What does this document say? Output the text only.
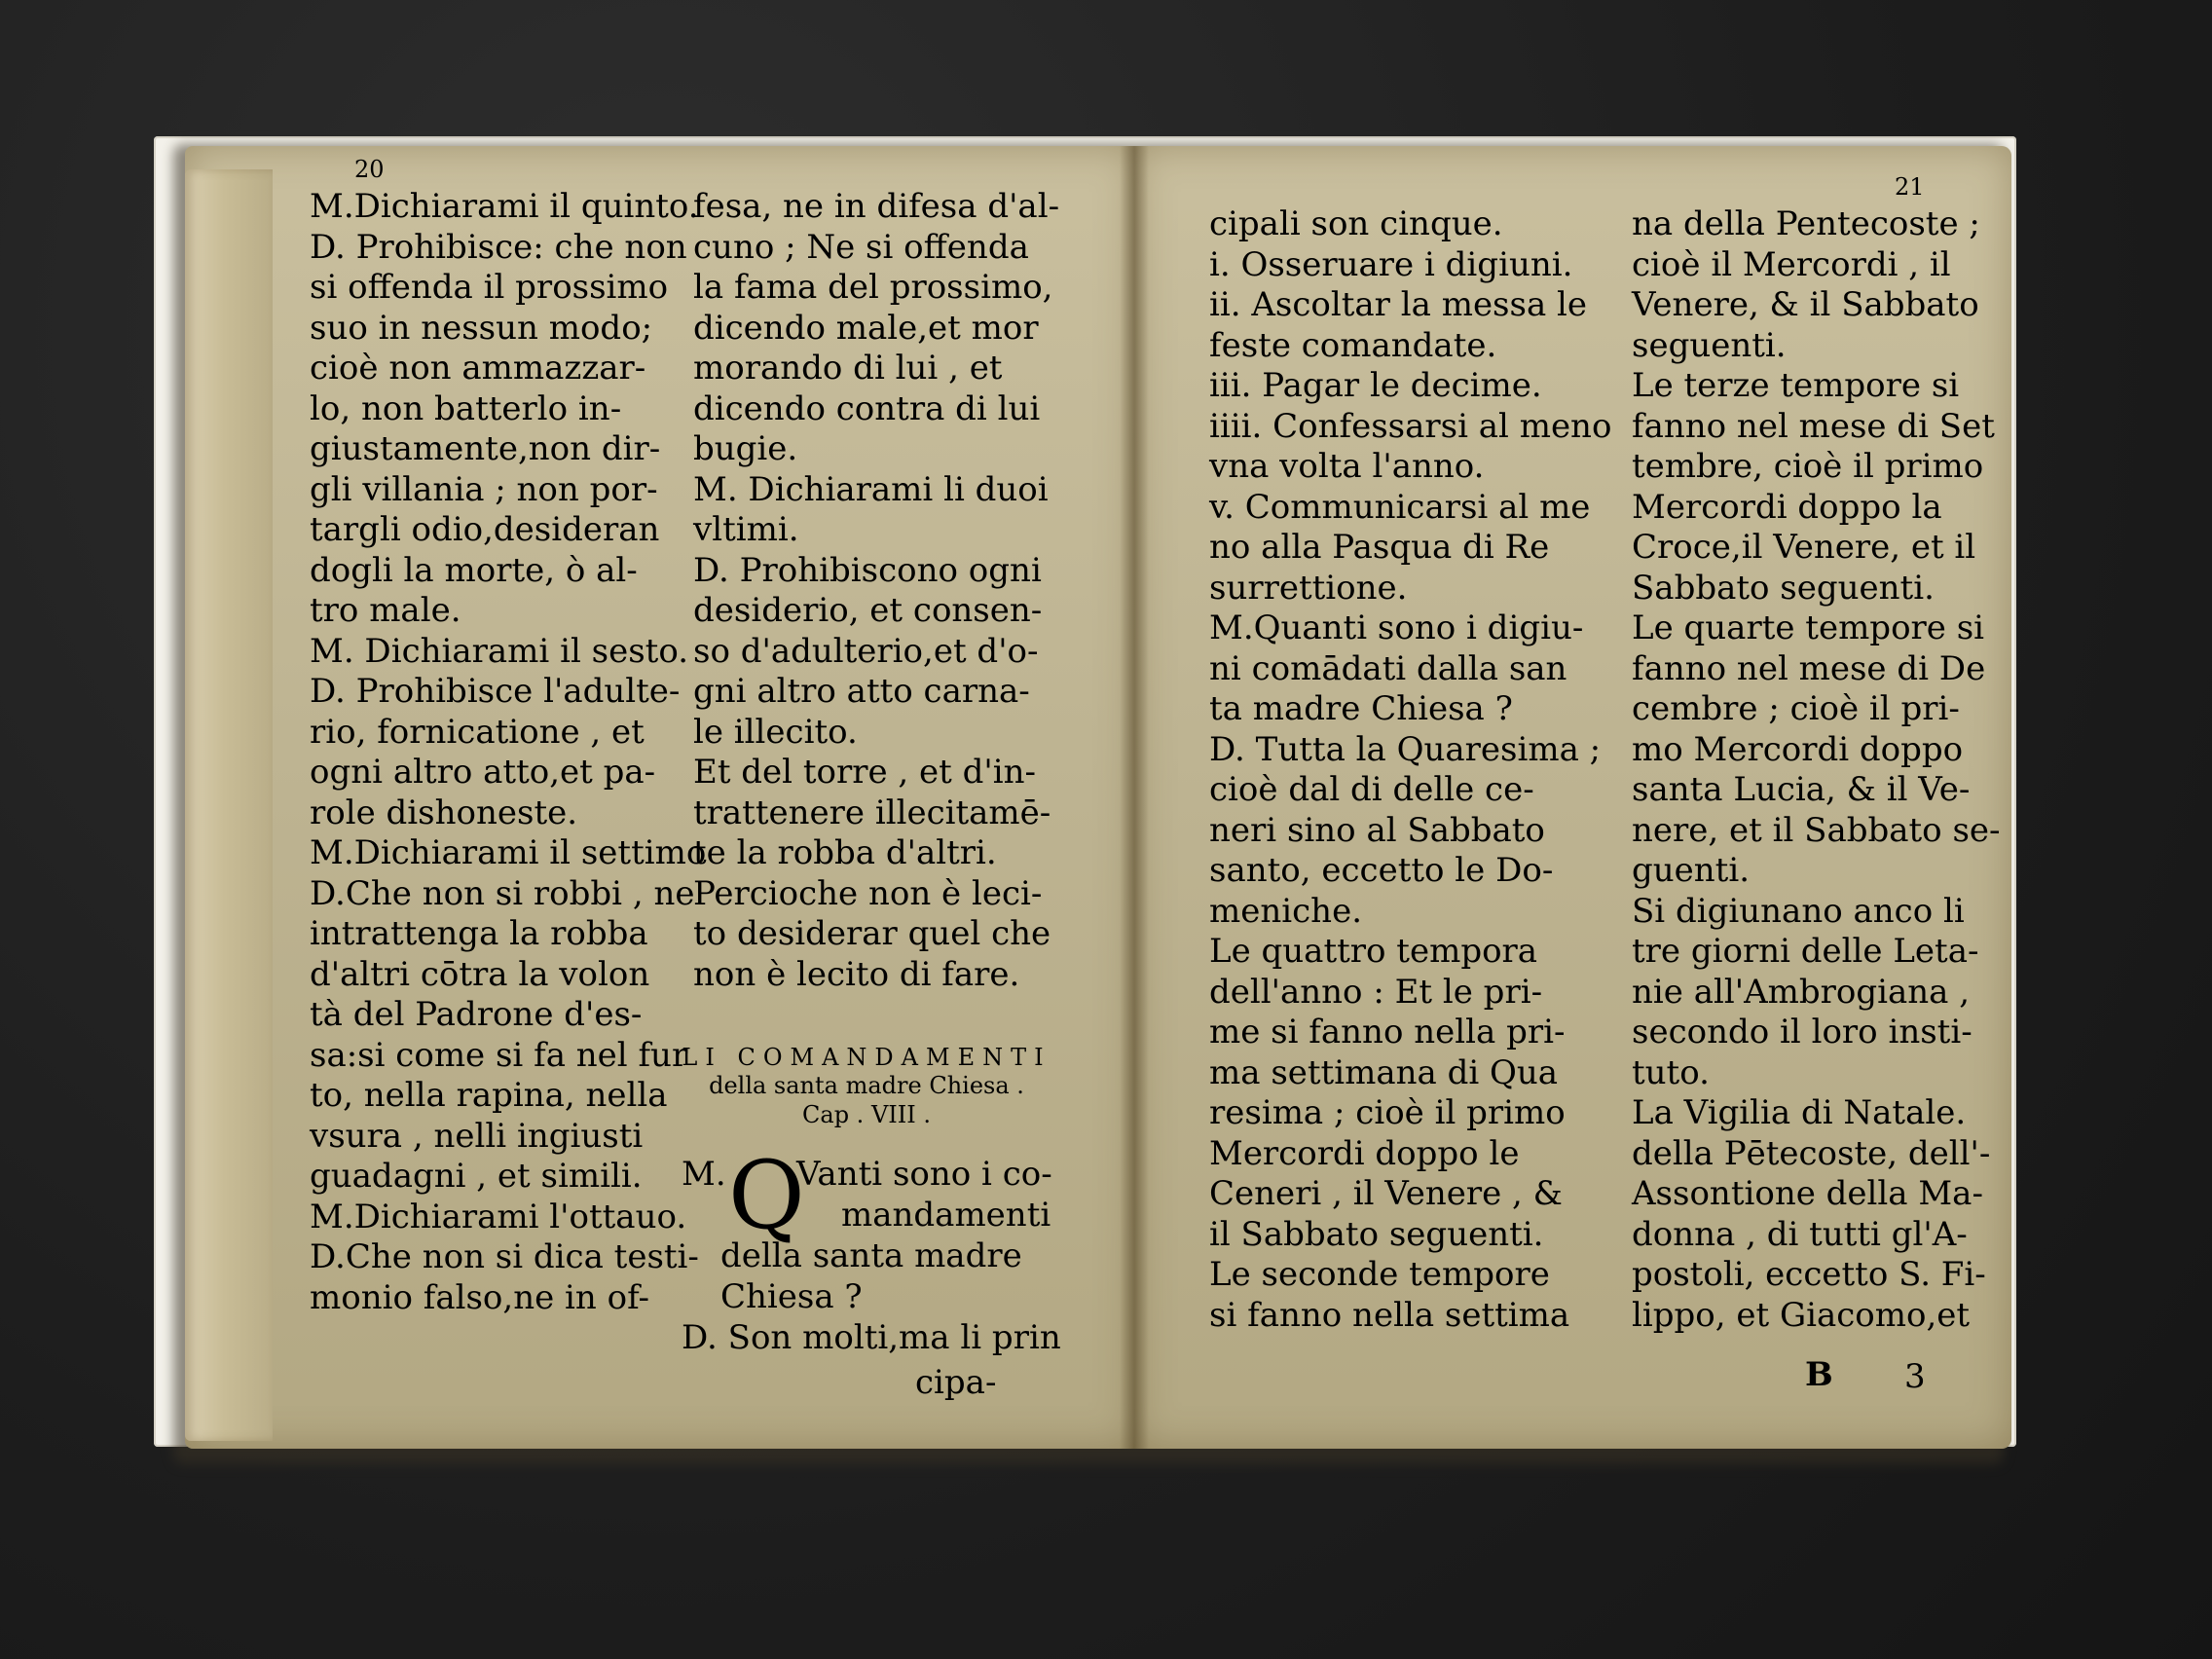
20
M.Dichiarami il quinto.
D. Prohibisce: che non
si offenda il prossimo
suo in nessun modo;
cioè non ammazzar-
lo, non batterlo in-
giustamente,non dir-
gli villania ; non por-
targli odio,desideran
dogli la morte, ò al-
tro male.
M. Dichiarami il sesto.
D. Prohibisce l'adulte-
rio, fornicatione , et
ogni altro atto,et pa-
role dishoneste.
M.Dichiarami il settimo
D.Che non si robbi , ne
intrattenga la robba
d'altri cōtra la volon
tà del Padrone d'es-
sa:si come si fa nel fur
to, nella rapina, nella
vsura , nelli ingiusti
guadagni , et simili.
M.Dichiarami l'ottauo.
D.Che non si dica testi-
monio falso,ne in of-
fesa, ne in difesa d'al-
cuno ; Ne si offenda
la fama del prossimo,
dicendo male,et mor
morando di lui , et
dicendo contra di lui
bugie.
M. Dichiarami li duoi
vltimi.
D. Prohibiscono ogni
desiderio, et consen-
so d'adulterio,et d'o-
gni altro atto carna-
le illecito.
Et del torre , et d'in-
trattenere illecitamē-
te la robba d'altri.
Percioche non è leci-
to desiderar quel che
non è lecito di fare.
LI COMANDAMENTI
della santa madre Chiesa .
Cap . VIII .
M. Q
Vanti sono i co-
mandamenti
della santa madre
Chiesa ?
D. Son molti,ma li prin
cipa-
21
cipali son cinque.
i. Osseruare i digiuni.
ii. Ascoltar la messa le
feste comandate.
iii. Pagar le decime.
iiii. Confessarsi al meno
vna volta l'anno.
v. Communicarsi al me
no alla Pasqua di Re
surrettione.
M.Quanti sono i digiu-
ni comādati dalla san
ta madre Chiesa ?
D. Tutta la Quaresima ;
cioè dal di delle ce-
neri sino al Sabbato
santo, eccetto le Do-
meniche.
Le quattro tempora
dell'anno : Et le pri-
me si fanno nella pri-
ma settimana di Qua
resima ; cioè il primo
Mercordi doppo le
Ceneri , il Venere , &
il Sabbato seguenti.
Le seconde tempore
si fanno nella settima
na della Pentecoste ;
cioè il Mercordi , il
Venere, & il Sabbato
seguenti.
Le terze tempore si
fanno nel mese di Set
tembre, cioè il primo
Mercordi doppo la
Croce,il Venere, et il
Sabbato seguenti.
Le quarte tempore si
fanno nel mese di De
cembre ; cioè il pri-
mo Mercordi doppo
santa Lucia, & il Ve-
nere, et il Sabbato se-
guenti.
Si digiunano anco li
tre giorni delle Leta-
nie all'Ambrogiana ,
secondo il loro insti-
tuto.
La Vigilia di Natale.
della Pētecoste, dell'-
Assontione della Ma-
donna , di tutti gl'A-
postoli, eccetto S. Fi-
lippo, et Giacomo,et
B 3
